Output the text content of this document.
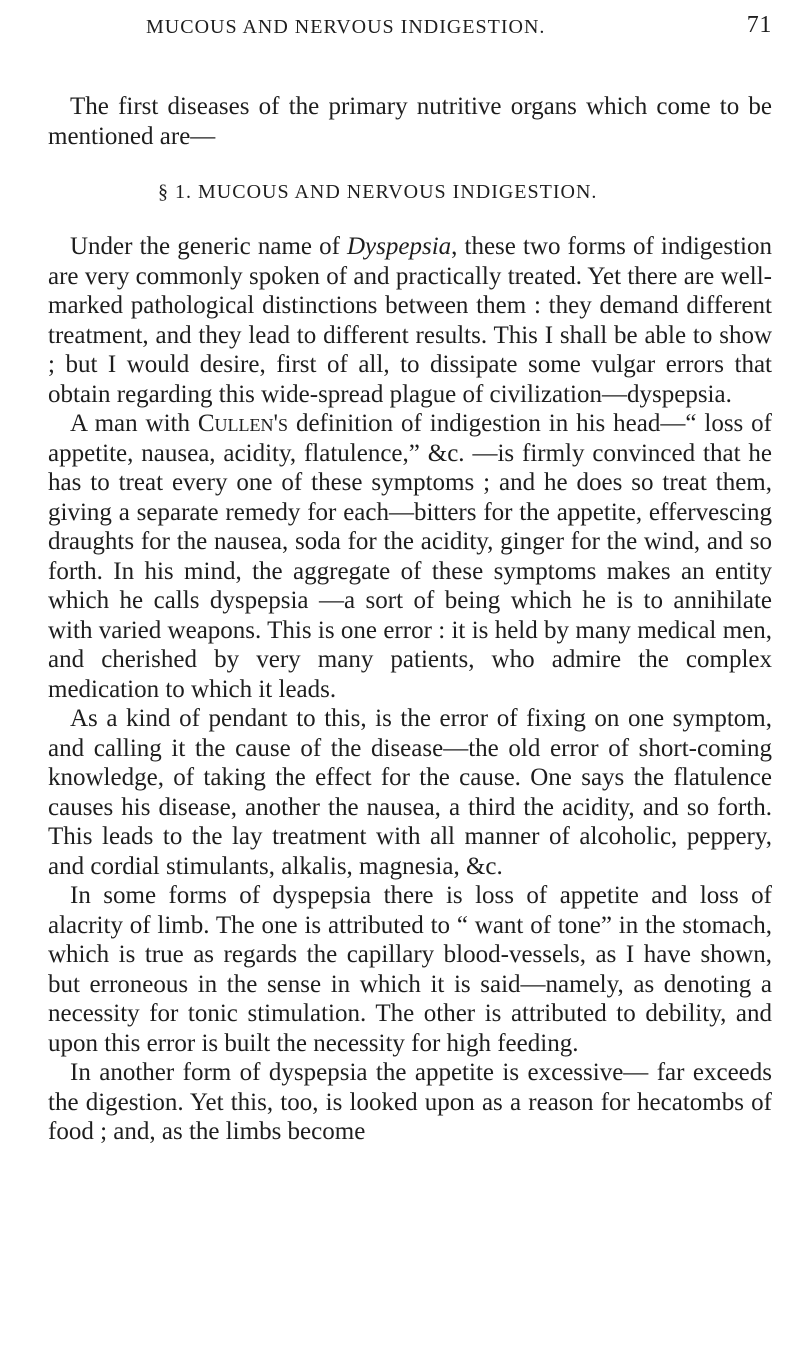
MUCOUS AND NERVOUS INDIGESTION.	71

The first diseases of the primary nutritive organs which come to be mentioned are—

§ 1. MUCOUS AND NERVOUS INDIGESTION.

Under the generic name of Dyspepsia, these two forms of indigestion are very commonly spoken of and practically treated. Yet there are well-marked pathological distinctions between them : they demand different treatment, and they lead to different results. This I shall be able to show ; but I would desire, first of all, to dissipate some vulgar errors that obtain regarding this wide-spread plague of civilization—dyspepsia.

A man with Cullen's definition of indigestion in his head—“ loss of appetite, nausea, acidity, flatulence,” &c. —is firmly convinced that he has to treat every one of these symptoms ; and he does so treat them, giving a separate remedy for each—bitters for the appetite, effervescing draughts for the nausea, soda for the acidity, ginger for the wind, and so forth. In his mind, the aggregate of these symptoms makes an entity which he calls dyspepsia —a sort of being which he is to annihilate with varied weapons. This is one error : it is held by many medical men, and cherished by very many patients, who admire the complex medication to which it leads.

As a kind of pendant to this, is the error of fixing on one symptom, and calling it the cause of the disease—the old error of short-coming knowledge, of taking the effect for the cause. One says the flatulence causes his disease, another the nausea, a third the acidity, and so forth. This leads to the lay treatment with all manner of alcoholic, peppery, and cordial stimulants, alkalis, magnesia, &c.

In some forms of dyspepsia there is loss of appetite and loss of alacrity of limb. The one is attributed to “ want of tone” in the stomach, which is true as regards the capillary blood-vessels, as I have shown, but erroneous in the sense in which it is said—namely, as denoting a necessity for tonic stimulation. The other is attributed to debility, and upon this error is built the necessity for high feeding.

In another form of dyspepsia the appetite is excessive— far exceeds the digestion. Yet this, too, is looked upon as a reason for hecatombs of food ; and, as the limbs become
